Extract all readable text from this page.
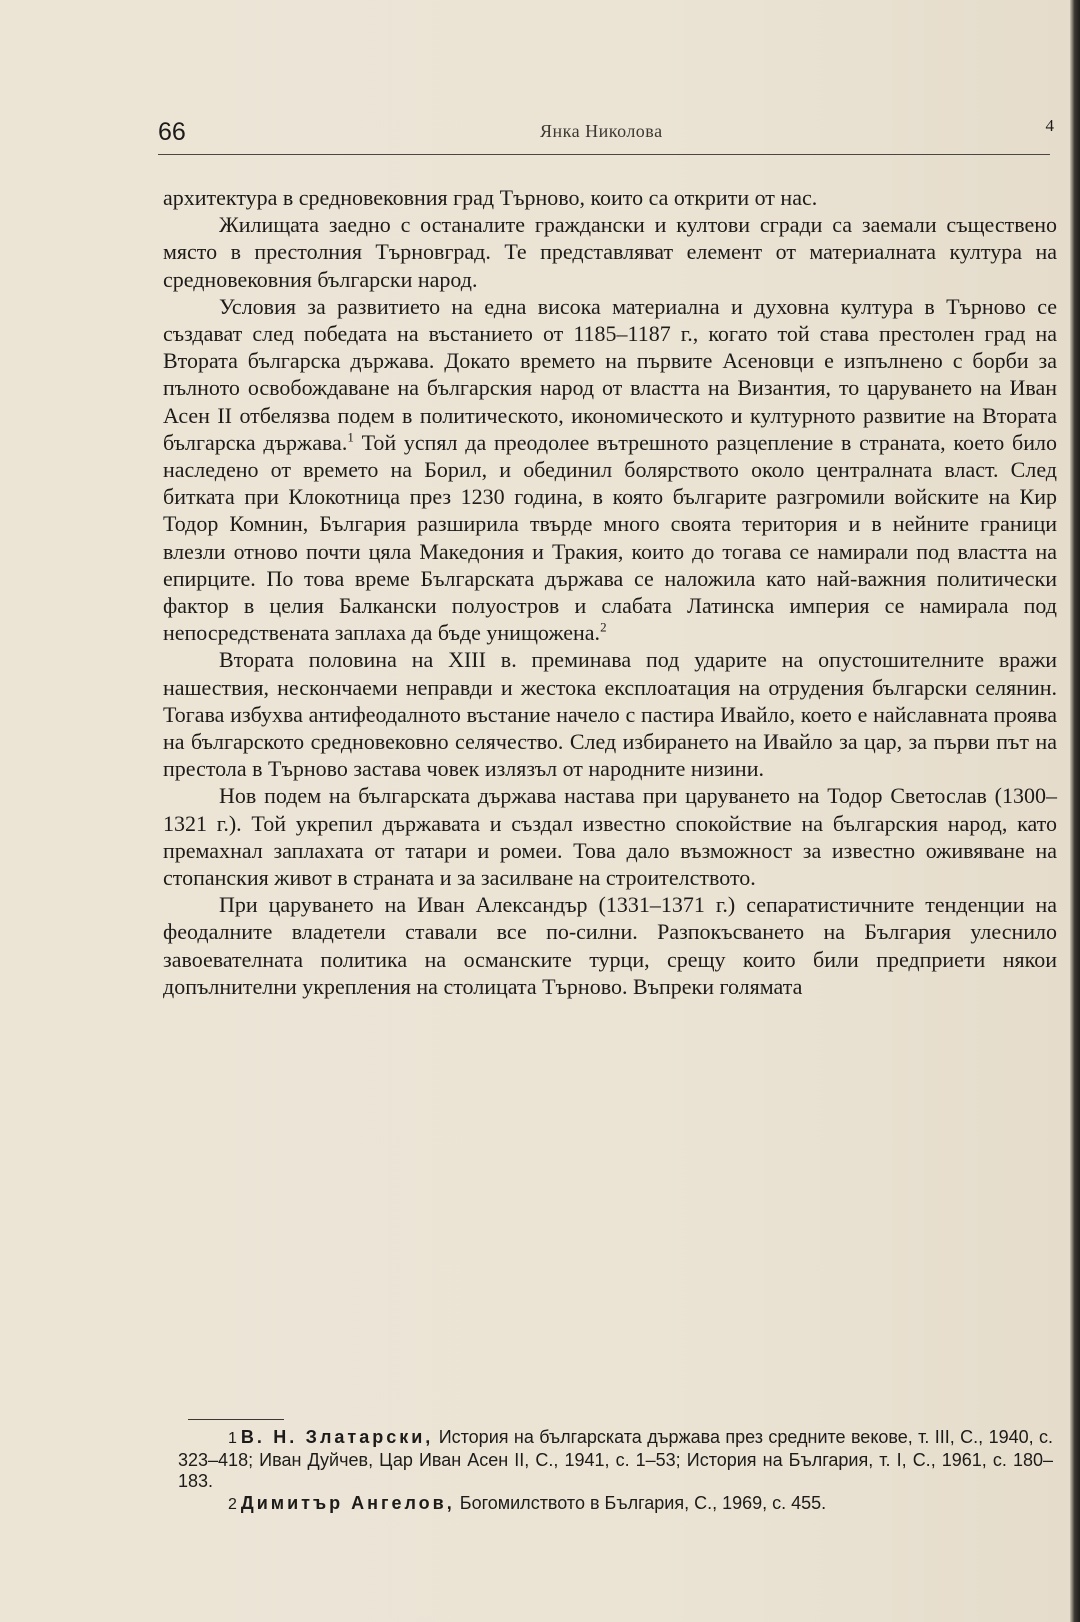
66	Янка Николова	4

архитектура в средновековния град Търново, които са открити от нас.

Жилищата заедно с останалите граждански и култови сгради са заемали съществено място в престолния Търновград. Те представляват елемент от материалната култура на средновековния български народ.

Условия за развитието на една висока материална и духовна култура в Търново се създават след победата на въстанието от 1185–1187 г., когато той става престолен град на Втората българска държава. Докато времето на първите Асеновци е изпълнено с борби за пълното освобождаване на българския народ от властта на Византия, то царуването на Иван Асен II отбелязва подем в политическото, икономическото и културното развитие на Втората българска държава.$^1$ Той успял да преодолее вътрешното разцепление в страната, което било наследено от времето на Борил, и обединил болярството около централната власт. След битката при Клокотница през 1230 година, в която българите разгромили войските на Кир Тодор Комнин, България разширила твърде много своята територия и в нейните граници влезли отново почти цяла Македония и Тракия, които до тогава се намирали под властта на епирците. По това време Българската държава се наложила като най-важния политически фактор в целия Балкански полуостров и слабата Латинска империя се намирала под непосредствената заплаха да бъде унищожена.$^2$

Втората половина на XIII в. преминава под ударите на опустошителните вражи нашествия, нескончаеми неправди и жестока експлоатация на отрудения български селянин. Тогава избухва антифеодалното въстание начело с пастира Ивайло, което е найславната проява на българското средновековно селячество. След избирането на Ивайло за цар, за първи път на престола в Търново застава човек излязъл от народните низини.

Нов подем на българската държава настава при царуването на Тодор Светослав (1300–1321 г.). Той укрепил държавата и създал известно спокойствие на българския народ, като премахнал заплахата от татари и ромеи. Това дало възможност за известно оживяване на стопанския живот в страната и за засилване на строителството.

При царуването на Иван Александър (1331–1371 г.) сепаратистичните тенденции на феодалните владетели ставали все по-силни. Разпокъсването на България улеснило завоевателната политика на османските турци, срещу които били предприети някои допълнителни укрепления на столицата Търново. Въпреки голямата

1 В. Н. Златарски, История на българската държава през средните векове, т. III, С., 1940, с. 323–418; Иван Дуйчев, Цар Иван Асен II, С., 1941, с. 1–53; История на България, т. I, С., 1961, с. 180–183.

2 Димитър Ангелов, Богомилството в България, С., 1969, с. 455.
